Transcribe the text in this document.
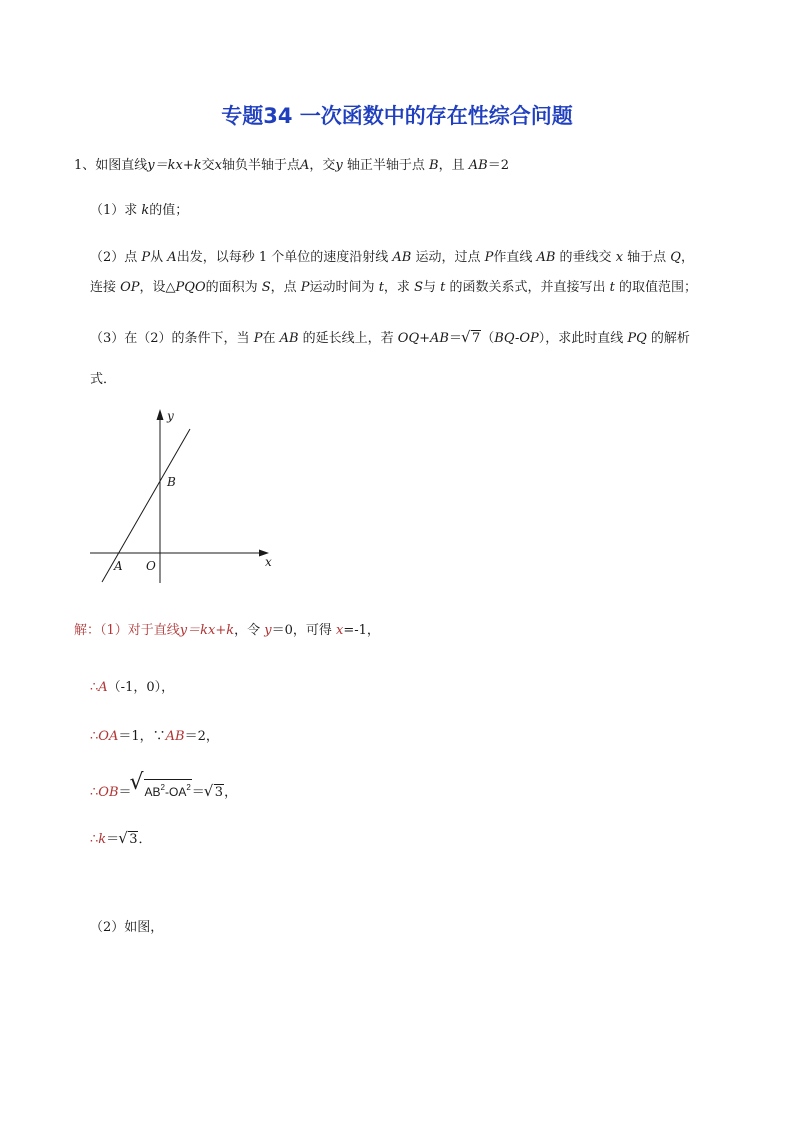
专题34 一次函数中的存在性综合问题
1、如图直线y＝kx+k交x轴负半轴于点A，交y 轴正半轴于点 B，且 AB＝2
（1）求 k的值；
（2）点 P从 A出发，以每秒 1 个单位的速度沿射线 AB 运动，过点 P作直线 AB 的垂线交 x 轴于点 Q，
连接 OP，设△PQO的面积为 S，点 P运动时间为 t，求 S与 t 的函数关系式，并直接写出 t 的取值范围；
（3）在（2）的条件下，当 P在 AB 的延长线上，若 OQ+AB＝√ 7（BQ-OP），求此时直线 PQ 的解析
式．
y
x
B
A O
解：（1）对于直线y＝kx+k，令 y＝0，可得 x=-1，
∴A（-1，0），
∴OA＝1，∵AB＝2，
∴OB＝√ $AB^2-OA^2=√$ 3，
∴k＝√ 3．
（2）如图，
